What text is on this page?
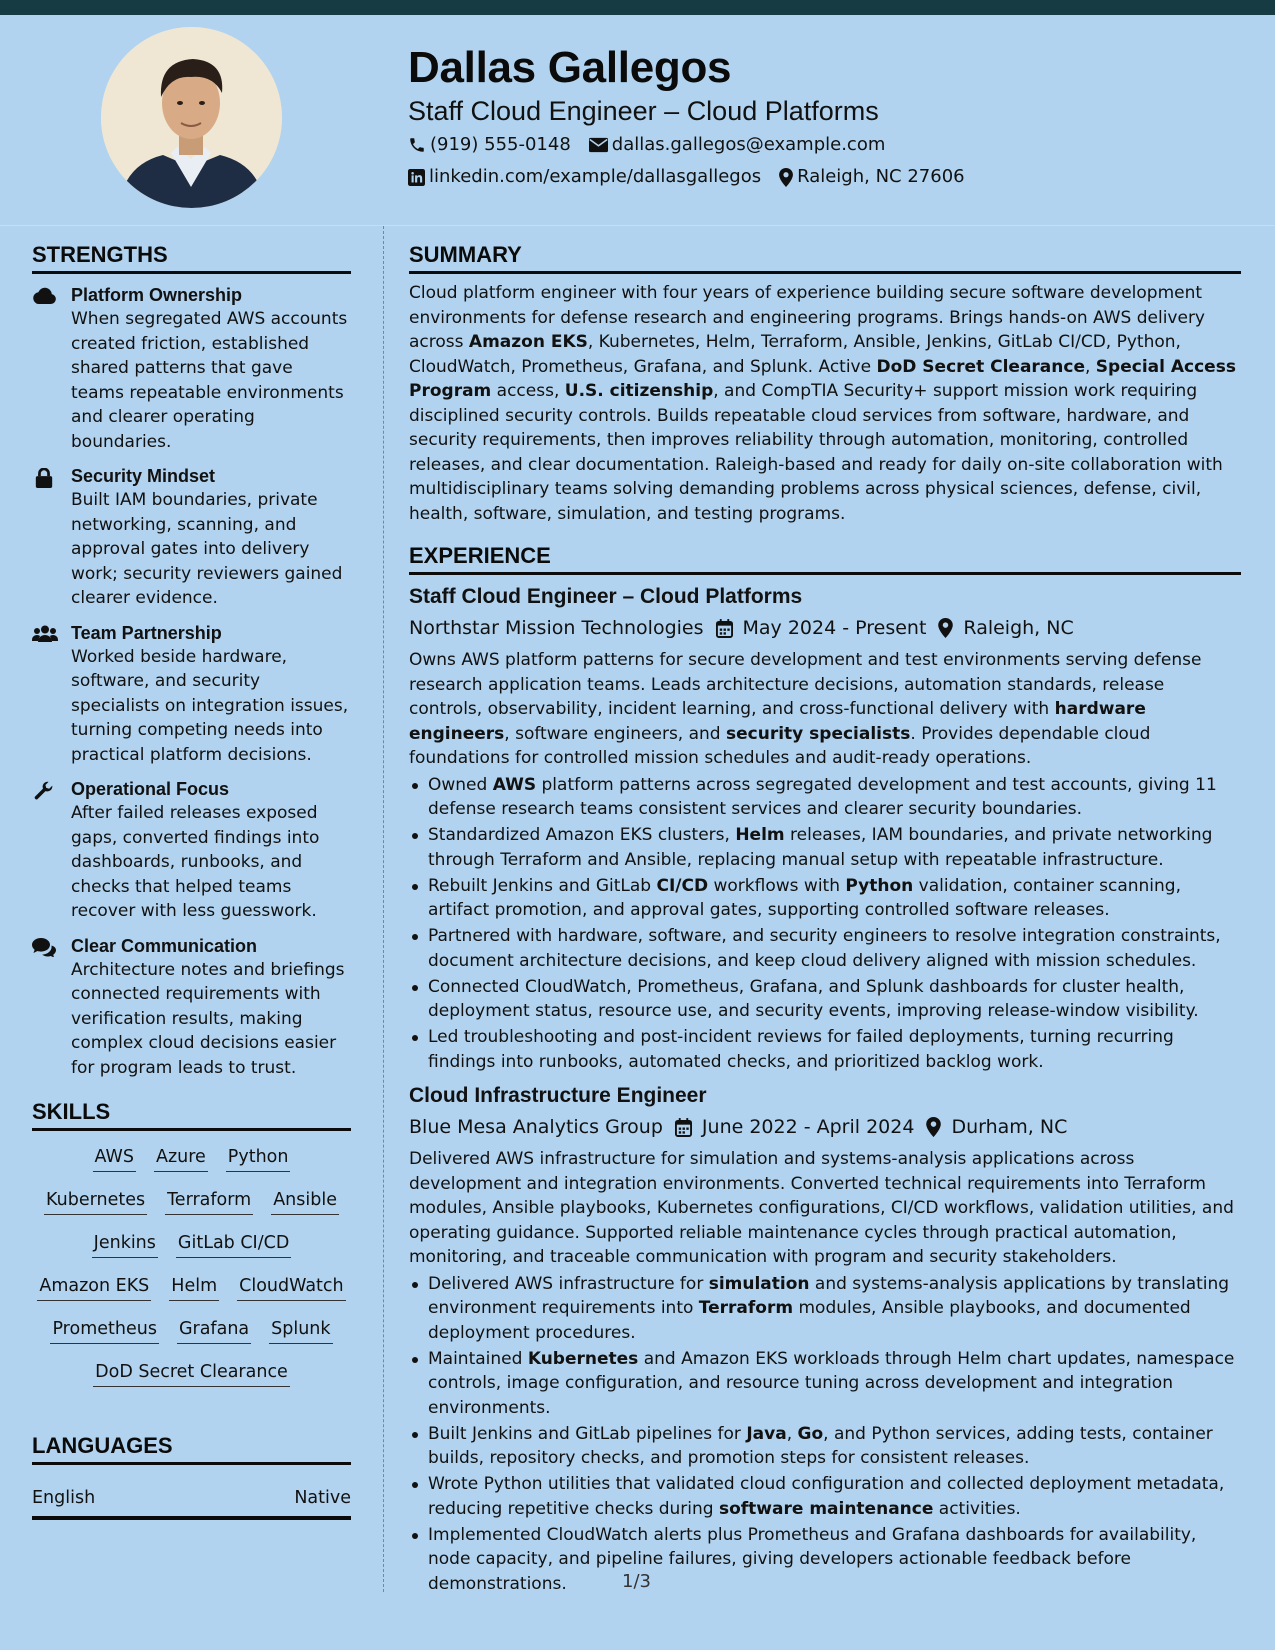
Dallas Gallegos
Staff Cloud Engineer – Cloud Platforms
(919) 555-0148 dallas.gallegos@example.com
linkedin.com/example/dallasgallegos Raleigh, NC 27606
STRENGTHS
Platform Ownership
When segregated AWS accounts created friction, established shared patterns that gave teams repeatable environments and clearer operating boundaries.
Security Mindset
Built IAM boundaries, private networking, scanning, and approval gates into delivery work; security reviewers gained clearer evidence.
Team Partnership
Worked beside hardware, software, and security specialists on integration issues, turning competing needs into practical platform decisions.
Operational Focus
After failed releases exposed gaps, converted findings into dashboards, runbooks, and checks that helped teams recover with less guesswork.
Clear Communication
Architecture notes and briefings connected requirements with verification results, making complex cloud decisions easier for program leads to trust.
SKILLS
AWS Azure Python
Kubernetes Terraform Ansible
Jenkins GitLab CI/CD
Amazon EKS Helm CloudWatch
Prometheus Grafana Splunk
DoD Secret Clearance
LANGUAGES
English	Native
SUMMARY
Cloud platform engineer with four years of experience building secure software development environments for defense research and engineering programs. Brings hands-on AWS delivery across Amazon EKS, Kubernetes, Helm, Terraform, Ansible, Jenkins, GitLab CI/CD, Python, CloudWatch, Prometheus, Grafana, and Splunk. Active DoD Secret Clearance, Special Access Program access, U.S. citizenship, and CompTIA Security+ support mission work requiring disciplined security controls. Builds repeatable cloud services from software, hardware, and security requirements, then improves reliability through automation, monitoring, controlled releases, and clear documentation. Raleigh-based and ready for daily on-site collaboration with multidisciplinary teams solving demanding problems across physical sciences, defense, civil, health, software, simulation, and testing programs.
EXPERIENCE
Staff Cloud Engineer – Cloud Platforms
Northstar Mission Technologies May 2024 - Present Raleigh, NC
Owns AWS platform patterns for secure development and test environments serving defense research application teams. Leads architecture decisions, automation standards, release controls, observability, incident learning, and cross-functional delivery with hardware engineers, software engineers, and security specialists. Provides dependable cloud foundations for controlled mission schedules and audit-ready operations.
Owned AWS platform patterns across segregated development and test accounts, giving 11 defense research teams consistent services and clearer security boundaries.
Standardized Amazon EKS clusters, Helm releases, IAM boundaries, and private networking through Terraform and Ansible, replacing manual setup with repeatable infrastructure.
Rebuilt Jenkins and GitLab CI/CD workflows with Python validation, container scanning, artifact promotion, and approval gates, supporting controlled software releases.
Partnered with hardware, software, and security engineers to resolve integration constraints, document architecture decisions, and keep cloud delivery aligned with mission schedules.
Connected CloudWatch, Prometheus, Grafana, and Splunk dashboards for cluster health, deployment status, resource use, and security events, improving release-window visibility.
Led troubleshooting and post-incident reviews for failed deployments, turning recurring findings into runbooks, automated checks, and prioritized backlog work.
Cloud Infrastructure Engineer
Blue Mesa Analytics Group June 2022 - April 2024 Durham, NC
Delivered AWS infrastructure for simulation and systems-analysis applications across development and integration environments. Converted technical requirements into Terraform modules, Ansible playbooks, Kubernetes configurations, CI/CD workflows, validation utilities, and operating guidance. Supported reliable maintenance cycles through practical automation, monitoring, and traceable communication with program and security stakeholders.
Delivered AWS infrastructure for simulation and systems-analysis applications by translating environment requirements into Terraform modules, Ansible playbooks, and documented deployment procedures.
Maintained Kubernetes and Amazon EKS workloads through Helm chart updates, namespace controls, image configuration, and resource tuning across development and integration environments.
Built Jenkins and GitLab pipelines for Java, Go, and Python services, adding tests, container builds, repository checks, and promotion steps for consistent releases.
Wrote Python utilities that validated cloud configuration and collected deployment metadata, reducing repetitive checks during software maintenance activities.
Implemented CloudWatch alerts plus Prometheus and Grafana dashboards for availability, node capacity, and pipeline failures, giving developers actionable feedback before demonstrations.	1/3
